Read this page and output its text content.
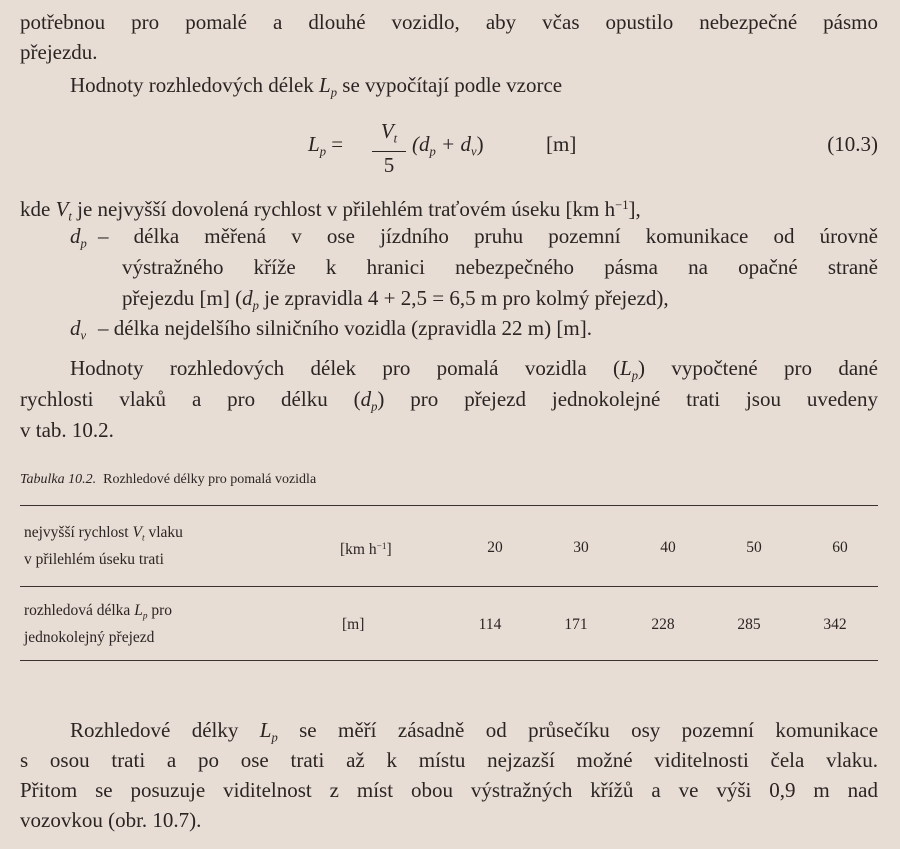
potřebnou pro pomalé a dlouhé vozidlo, aby včas opustilo nebezpečné pásmo
přejezdu.
Hodnoty rozhledových délek $L_p$ se vypočítají podle vzorce
$L_p = \frac{V_t}{5} (d_p + d_v)$	[m]	(10.3)
kde $V_t$ je nejvyšší dovolená rychlost v přilehlém traťovém úseku [km $h^{-1}$],
$d_p$ – délka měřená v ose jízdního pruhu pozemní komunikace od úrovně
výstražného kříže k hranici nebezpečného pásma na opačné straně
přejezdu [m] ($d_p$ je zpravidla 4 + 2,5 = 6,5 m pro kolmý přejezd),
$d_v$ – délka nejdelšího silničního vozidla (zpravidla 22 m) [m].
Hodnoty rozhledových délek pro pomalá vozidla $(L_p)$ vypočtené pro dané
rychlosti vlaků a pro délku $(d_p)$ pro přejezd jednokolejné trati jsou uvedeny
v tab. 10.2.
Tabulka 10.2. Rozhledové délky pro pomalá vozidla
nejvyšší rychlost $V_t$ vlaku
v přilehlém úseku trati
[km $h^{-1}$]	20	30	40	50	60
rozhledová délka $L_p$ pro
jednokolejný přejezd
[m]	114	171	228	285	342
Rozhledové délky $L_p$ se měří zásadně od průsečíku osy pozemní komunikace
s osou trati a po ose trati až k místu nejzazší možné viditelnosti čela vlaku.
Přitom se posuzuje viditelnost z míst obou výstražných křížů a ve výši 0,9 m nad
vozovkou (obr. 10.7).
